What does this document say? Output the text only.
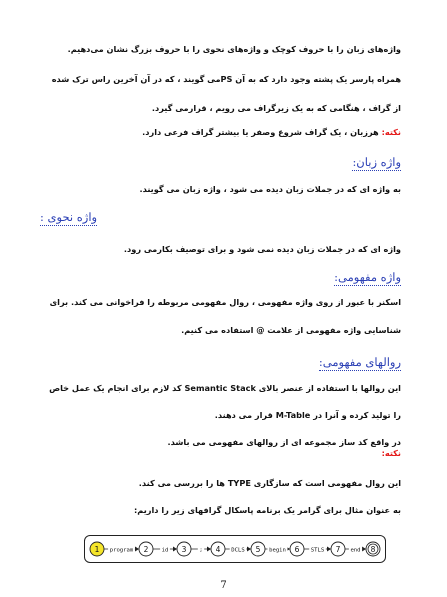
واژه‌های زبان را با حروف کوچک و واژه‌های نحوی را با حروف بزرگ نشان می‌دهیم.
همراه پارسر یک پشته وجود دارد که به آن PSمی گویند ، که در آن آخرین راس ترک شده
از گراف ، هنگامی که به یک زیرگراف می رویم ، قرارمی گیرد.
نکته: هرزبان ، یک گراف شروع وصفر یا بیشتر گراف فرعی دارد.
واژه زبان:
به واژه ای که در جملات زبان دیده می شود ، واژه زبان می گویند.
واژه نحوی :
واژه ای که در جملات زبان دیده نمی شود و برای توصیف بکارمی رود.
واژه مفهومی:
اسکنر با عبور از روی واژه مفهومی ، روال مفهومی مربوطه را فراخوانی می کند. برای
شناسایی واژه مفهومی از علامت @ استفاده می کنیم.
روالهای مفهومی:
این روالها با استفاده از عنصر بالای Semantic Stack کد لازم برای انجام یک عمل خاص
را تولید کرده و آنرا در M-Table قرار می دهند.
در واقع کد ساز مجموعه ای از روالهای مفهومی می باشد.
نکته:
این روال مفهومی است که سازگاری TYPE ها را بررسی می کند.
به عنوان مثال برای گرامر یک برنامه پاسکال گرافهای زیر را داریم:
program	id	;	DCLS	begin	STLS	end
1	2	3	4	5	6	7	8
7
